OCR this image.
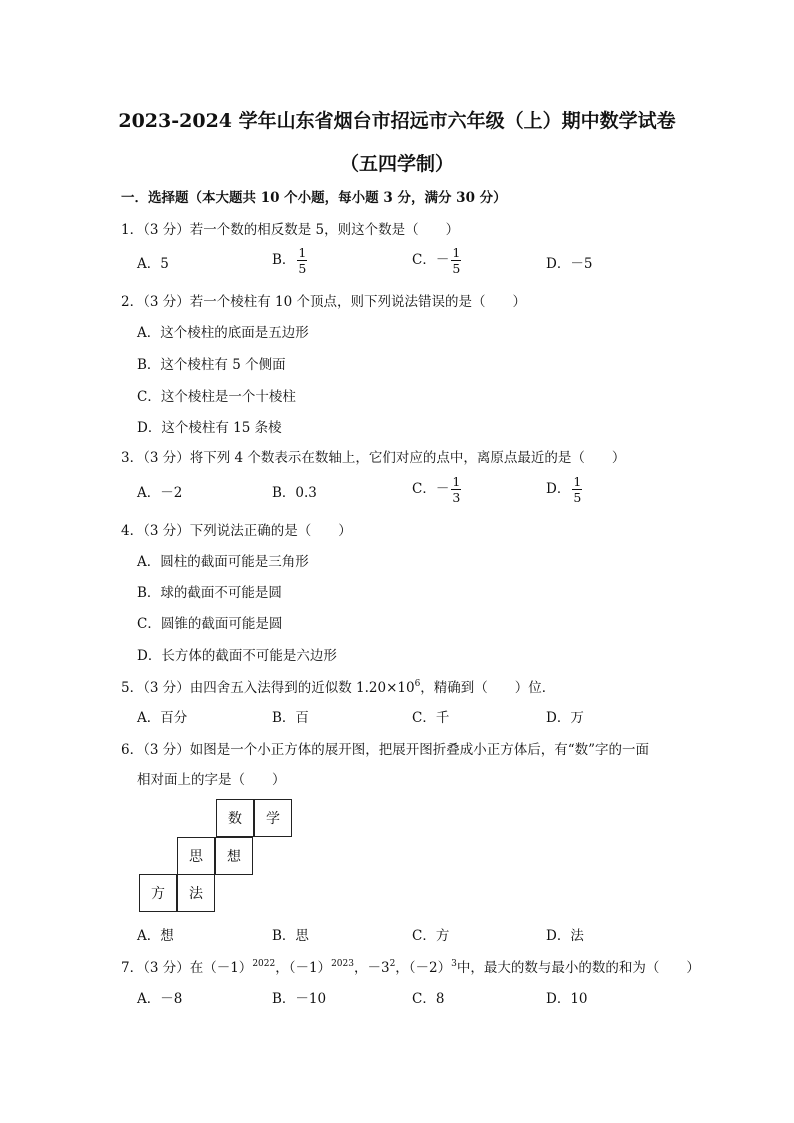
2023-2024 学年山东省烟台市招远市六年级（上）期中数学试卷
（五四学制）
一．选择题（本大题共 10 个小题，每小题 3 分，满分 30 分）
1．（3 分）若一个数的相反数是 5，则这个数是（　　）
A．5	B． $\frac{1}{5}$	C．－ $\frac{1}{5}$	D．－5
2．（3 分）若一个棱柱有 10 个顶点，则下列说法错误的是（　　）
A．这个棱柱的底面是五边形
B．这个棱柱有 5 个侧面
C．这个棱柱是一个十棱柱
D．这个棱柱有 15 条棱
3．（3 分）将下列 4 个数表示在数轴上，它们对应的点中，离原点最近的是（　　）
A．－2	B．0.3	C．－ $\frac{1}{3}$	D． $\frac{1}{5}$
4．（3 分）下列说法正确的是（　　）
A．圆柱的截面可能是三角形
B．球的截面不可能是圆
C．圆锥的截面可能是圆
D．长方体的截面不可能是六边形
5．（3 分）由四舍五入法得到的近似数 $1.20\times 10^6$，精确到（　　）位．
A．百分	B．百	C．千	D．万
6．（3 分）如图是一个小正方体的展开图，把展开图折叠成小正方体后，有“数”字的一面
相对面上的字是（　　）
数	学
思	想
方	法
A．想	B．思	C．方	D．法
7．（3 分）在$(-1)^{2022}$，$(-1)^{2023}$，$-3^2$，$(-2)^3$中，最大的数与最小的数的和为（　　）
A．－8	B．－10	C．8	D．10
